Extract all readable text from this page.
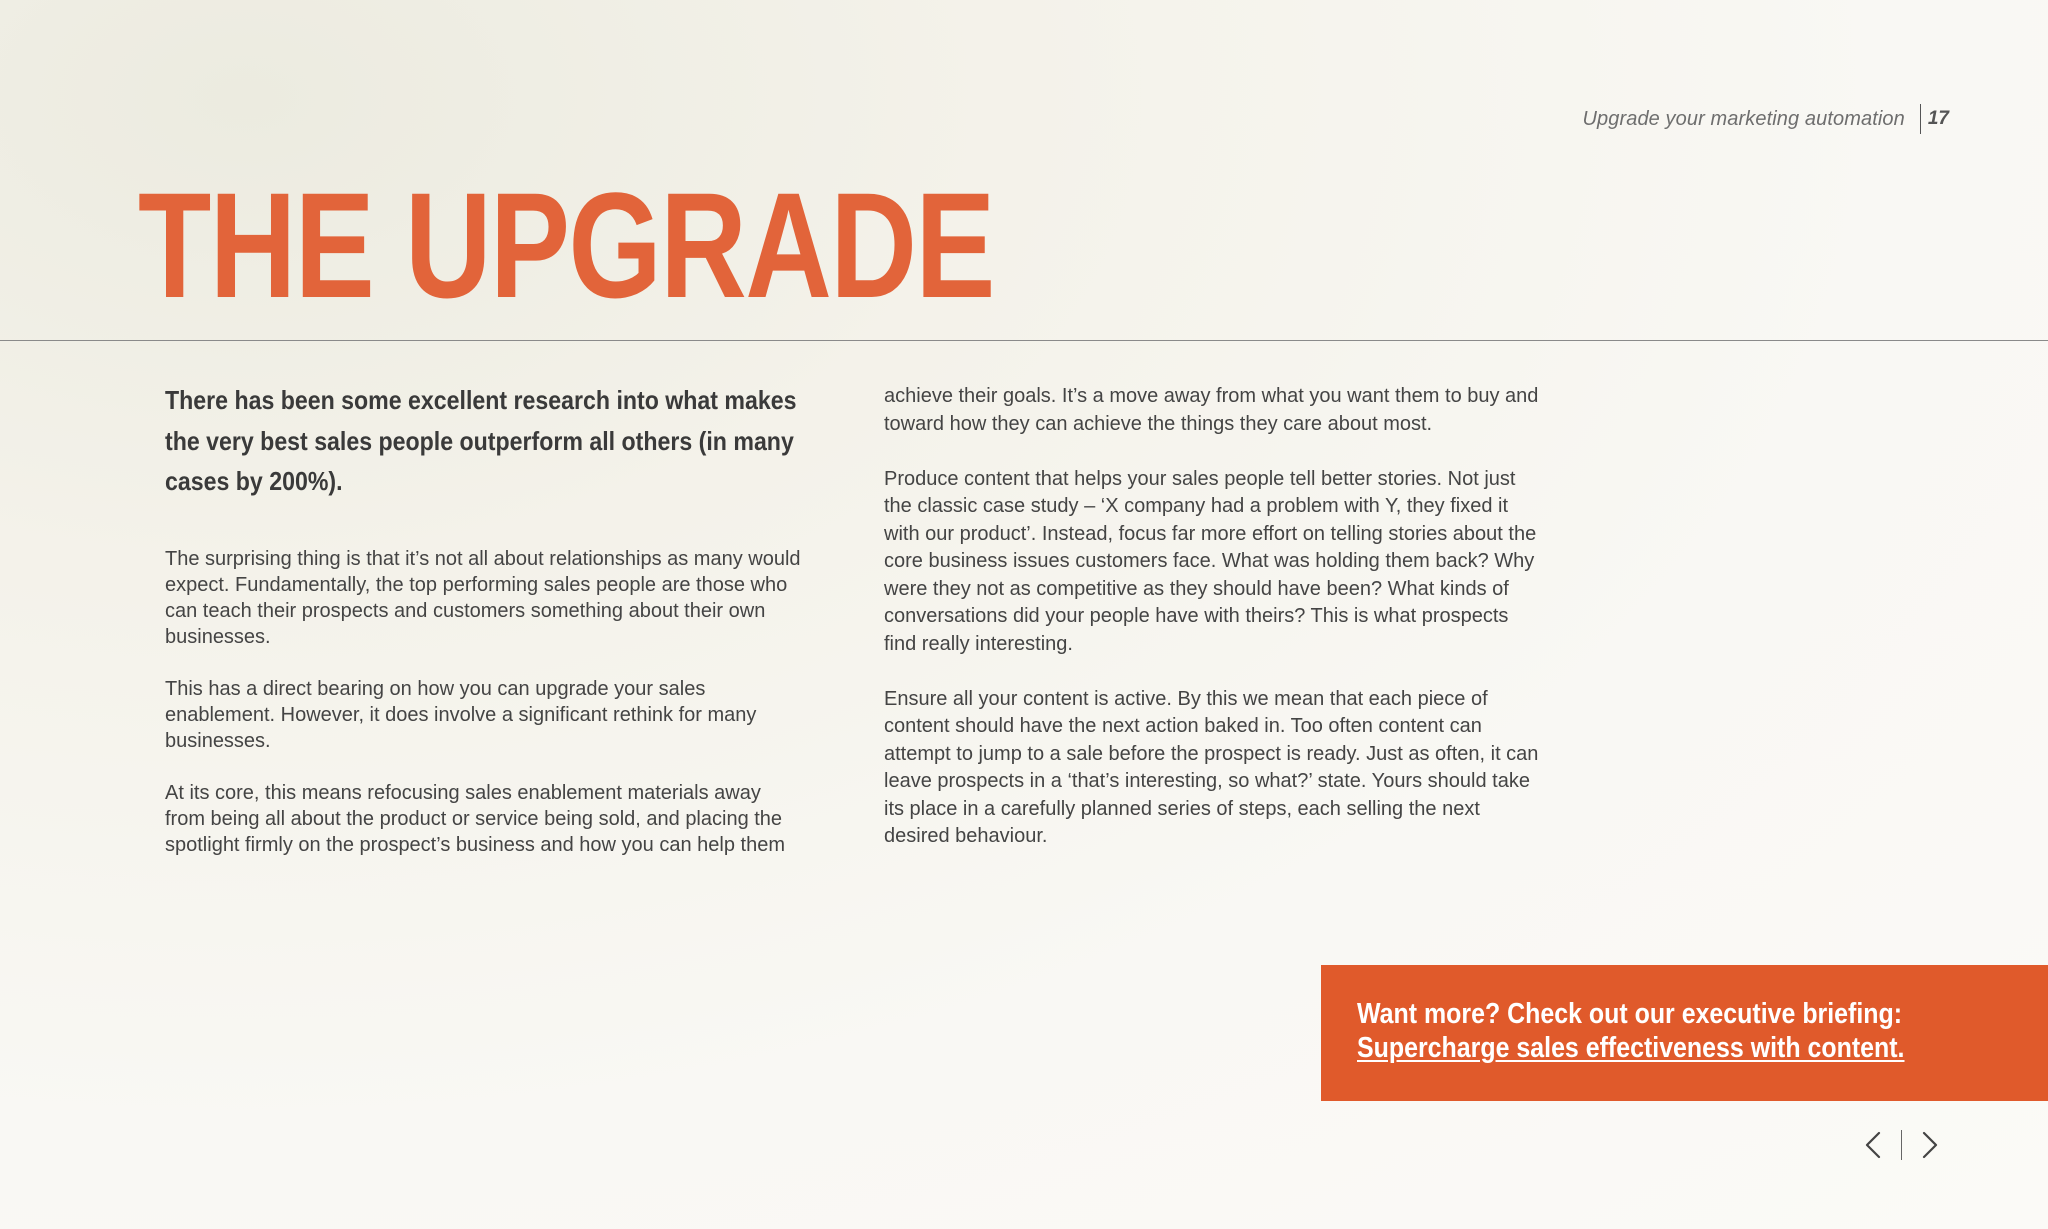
Upgrade your marketing automation 17
THE UPGRADE

There has been some excellent research into what makes the very best sales people outperform all others (in many cases by 200%).

The surprising thing is that it’s not all about relationships as many would expect. Fundamentally, the top performing sales people are those who can teach their prospects and customers something about their own businesses.

This has a direct bearing on how you can upgrade your sales enablement. However, it does involve a significant rethink for many businesses.

At its core, this means refocusing sales enablement materials away from being all about the product or service being sold, and placing the spotlight firmly on the prospect’s business and how you can help them

achieve their goals. It’s a move away from what you want them to buy and toward how they can achieve the things they care about most.

Produce content that helps your sales people tell better stories. Not just the classic case study – ‘X company had a problem with Y, they fixed it with our product’. Instead, focus far more effort on telling stories about the core business issues customers face. What was holding them back? Why were they not as competitive as they should have been? What kinds of conversations did your people have with theirs? This is what prospects find really interesting.

Ensure all your content is active. By this we mean that each piece of content should have the next action baked in. Too often content can attempt to jump to a sale before the prospect is ready. Just as often, it can leave prospects in a ‘that’s interesting, so what?’ state. Yours should take its place in a carefully planned series of steps, each selling the next desired behaviour.

Want more? Check out our executive briefing:
Supercharge sales effectiveness with content.
